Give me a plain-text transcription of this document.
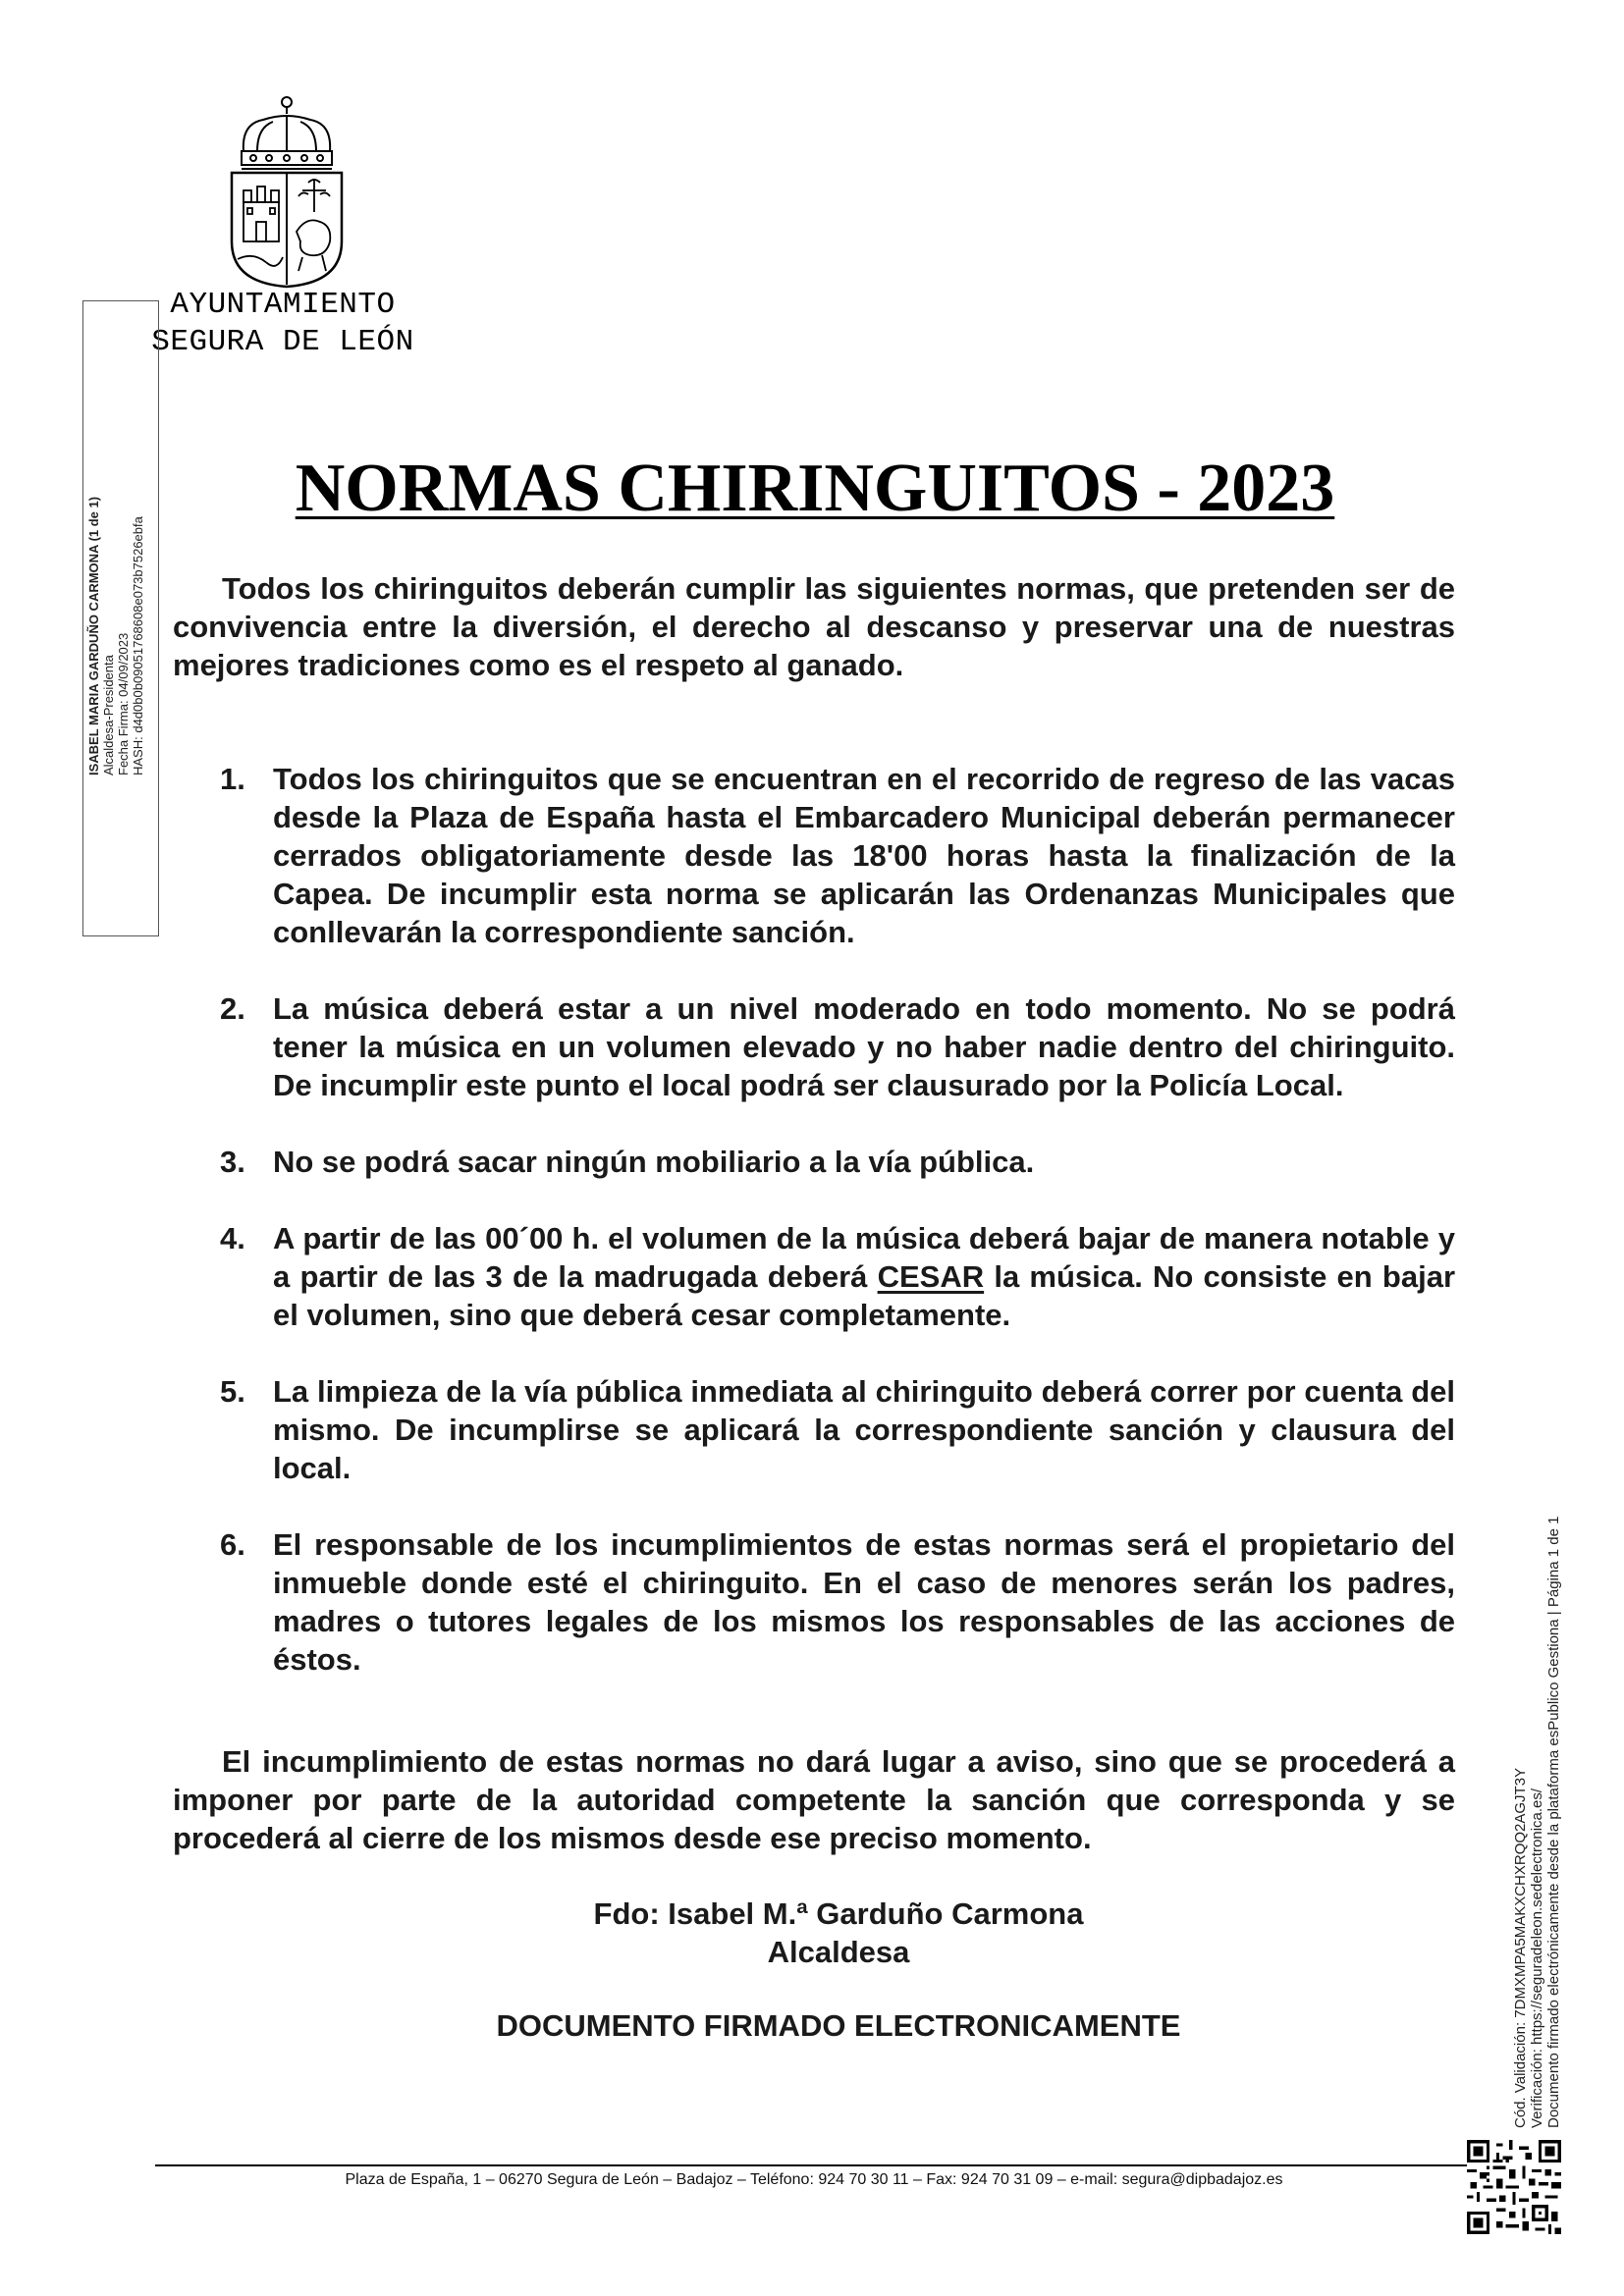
AYUNTAMIENTO
SEGURA DE LEÓN
ISABEL MARIA GARDUÑO CARMONA (1 de 1) Alcaldesa-Presidenta Fecha Firma: 04/09/2023 HASH: d4d0b0b09051768608e073b7526ebfa
NORMAS CHIRINGUITOS - 2023

Todos los chiringuitos deberán cumplir las siguientes normas, que pretenden ser de convivencia entre la diversión, el derecho al descanso y preservar una de nuestras mejores tradiciones como es el respeto al ganado.

1. Todos los chiringuitos que se encuentran en el recorrido de regreso de las vacas desde la Plaza de España hasta el Embarcadero Municipal deberán permanecer cerrados obligatoriamente desde las 18'00 horas hasta la finalización de la Capea. De incumplir esta norma se aplicarán las Ordenanzas Municipales que conllevarán la correspondiente sanción.
2. La música deberá estar a un nivel moderado en todo momento. No se podrá tener la música en un volumen elevado y no haber nadie dentro del chiringuito. De incumplir este punto el local podrá ser clausurado por la Policía Local.
3. No se podrá sacar ningún mobiliario a la vía pública.
4. A partir de las 00´00 h. el volumen de la música deberá bajar de manera notable y a partir de las 3 de la madrugada deberá CESAR la música. No consiste en bajar el volumen, sino que deberá cesar completamente.
5. La limpieza de la vía pública inmediata al chiringuito deberá correr por cuenta del mismo. De incumplirse se aplicará la correspondiente sanción y clausura del local.
6. El responsable de los incumplimientos de estas normas será el propietario del inmueble donde esté el chiringuito. En el caso de menores serán los padres, madres o tutores legales de los mismos los responsables de las acciones de éstos.

El incumplimiento de estas normas no dará lugar a aviso, sino que se procederá a imponer por parte de la autoridad competente la sanción que corresponda y se procederá al cierre de los mismos desde ese preciso momento.

Fdo: Isabel M.ª Garduño Carmona
Alcaldesa
DOCUMENTO FIRMADO ELECTRONICAMENTE
Plaza de España, 1 – 06270 Segura de León – Badajoz – Teléfono: 924 70 30 11 – Fax: 924 70 31 09 – e-mail: segura@dipbadajoz.es
Cód. Validación: 7DMXMPA5MAKXCHXRQQ2AGJT3Y Verificación: https://seguradeleon.sedelectronica.es/ Documento firmado electrónicamente desde la plataforma esPublico Gestiona | Página 1 de 1
